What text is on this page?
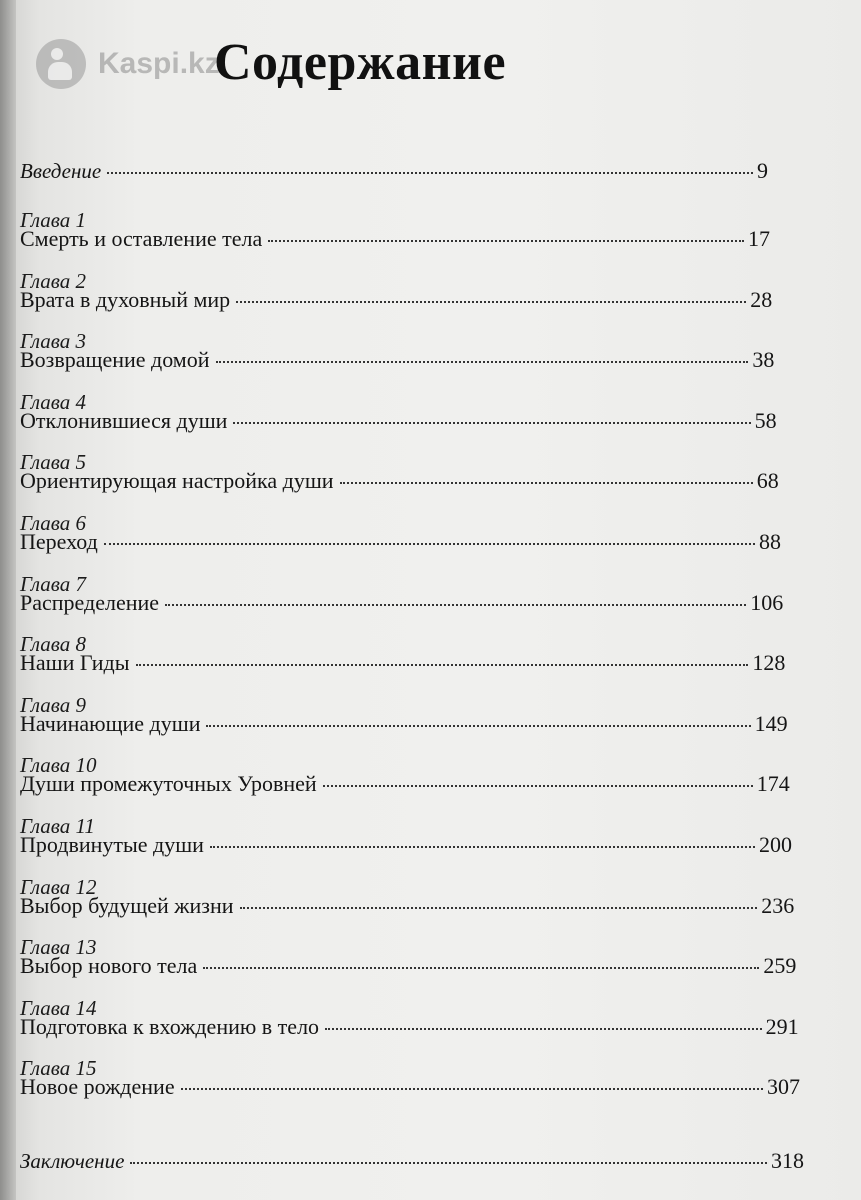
Kaspi.kz
Содержание
Введение	9
Глава 1
Смерть и оставление тела	17
Глава 2
Врата в духовный мир	28
Глава 3
Возвращение домой	38
Глава 4
Отклонившиеся души	58
Глава 5
Ориентирующая настройка души	68
Глава 6
Переход	88
Глава 7
Распределение	106
Глава 8
Наши Гиды	128
Глава 9
Начинающие души	149
Глава 10
Души промежуточных Уровней	174
Глава 11
Продвинутые души	200
Глава 12
Выбор будущей жизни	236
Глава 13
Выбор нового тела	259
Глава 14
Подготовка к вхождению в тело	291
Глава 15
Новое рождение	307
Заключение	318
